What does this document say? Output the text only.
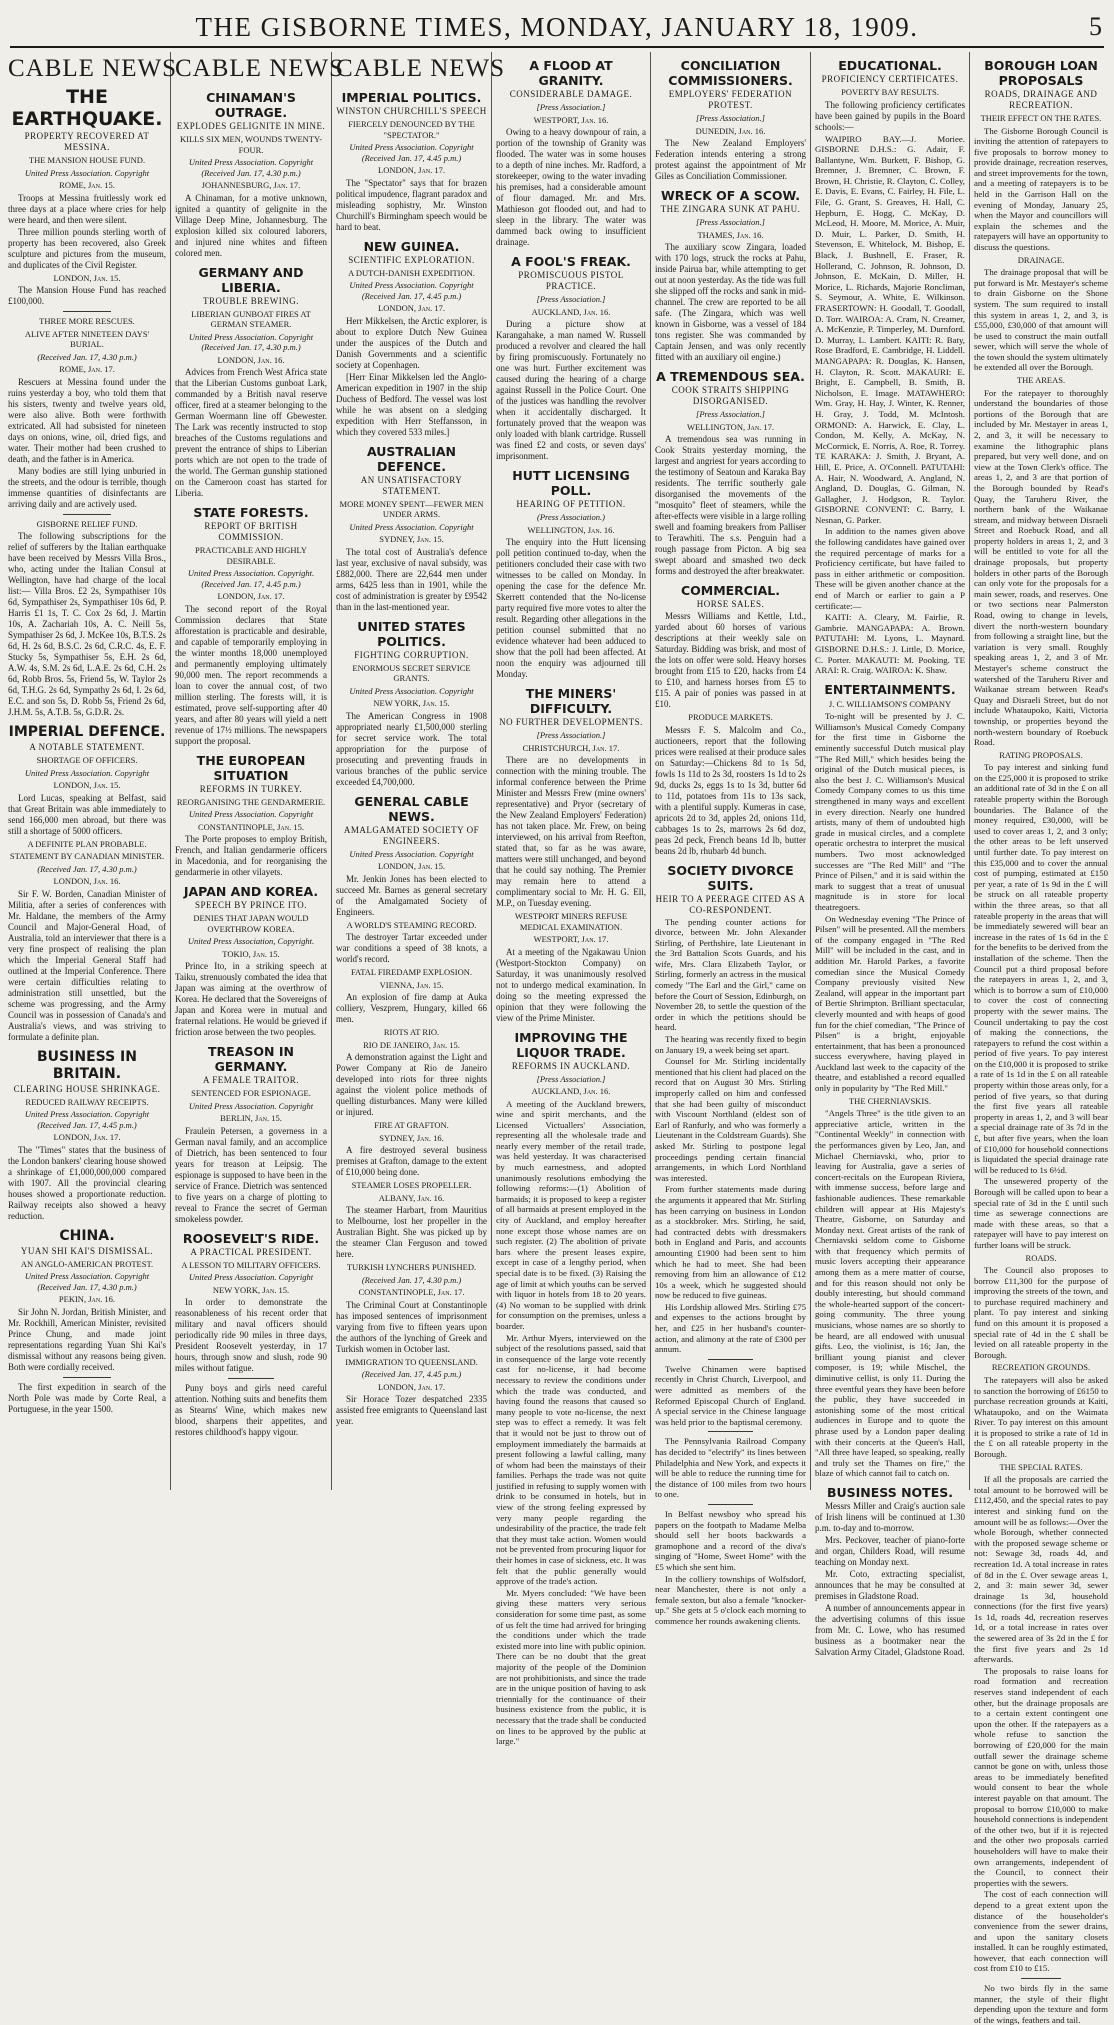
THE GISBORNE TIMES, MONDAY, JANUARY 18, 1909.	5
CABLE NEWS
THE EARTHQUAKE.
PROPERTY RECOVERED AT MESSINA.
THE MANSION HOUSE FUND.
United Press Association. Copyright
ROME, Jan. 15.

Troops at Messina fruitlessly work ed three days at a place where cries for help were heard, and then were silent.

Three million pounds sterling worth of property has been recovered, also Greek sculpture and pictures from the museum, and duplicates of the Civil Register.

LONDON, Jan. 15.

The Mansion House Fund has reached £100,000.

THREE MORE RESCUES.
ALIVE AFTER NINETEEN DAYS' BURIAL.
(Received Jan. 17, 4.30 p.m.)
ROME, Jan. 17.

Rescuers at Messina found under the ruins yesterday a boy, who told them that his sisters, twenty and twelve years old, were also alive. Both were forthwith extricated. All had subsisted for nineteen days on onions, wine, oil, dried figs, and water. Their mother had been crushed to death, and the father is in America.

Many bodies are still lying unburied in the streets, and the odour is terrible, though immense quantities of disinfectants are arriving daily and are actively used.

GISBORNE RELIEF FUND.

The following subscriptions for the relief of sufferers by the Italian earthquake have been received by Messrs Villa Bros., who, acting under the Italian Consul at Wellington, have had charge of the local list:— Villa Bros. £2 2s, Sympathiser 10s 6d, Sympathiser 2s, Sympathiser 10s 6d, P. Harris £1 1s, T. C. Cox 2s 6d, J. Martin 10s, A. Zachariah 10s, A. C. Neill 5s, Sympathiser 2s 6d, J. McKee 10s, B.T.S. 2s 6d, H. 2s 6d, B.S.C. 2s 6d, C.R.C. 4s, E. F. Stucky 5s, Sympathiser 5s, E.H. 2s 6d, A.W. 4s, S.M. 2s 6d, L.A.E. 2s 6d, C.H. 2s 6d, Robb Bros. 5s, Friend 5s, W. Taylor 2s 6d, T.H.G. 2s 6d, Sympathy 2s 6d, I. 2s 6d, E.C. and son 5s, D. Robb 5s, Friend 2s 6d, J.H.M. 5s, A.T.B. 5s, G.D.R. 2s.

IMPERIAL DEFENCE.
A NOTABLE STATEMENT.
SHORTAGE OF OFFICERS.
United Press Association. Copyright
LONDON, Jan. 15.

Lord Lucas, speaking at Belfast, said that Great Britain was able immediately to send 166,000 men abroad, but there was still a shortage of 5000 officers.

A DEFINITE PLAN PROBABLE.
STATEMENT BY CANADIAN MINISTER.
(Received Jan. 17, 4.30 p.m.)
LONDON, Jan. 16.

Sir F. W. Borden, Canadian Minister of Militia, after a series of conferences with Mr. Haldane, the members of the Army Council and Major-General Hoad, of Australia, told an interviewer that there is a very fine prospect of realising the plan which the Imperial General Staff had outlined at the Imperial Conference. There were certain difficulties relating to administration still unsettled, but the scheme was progressing, and the Army Council was in possession of Canada's and Australia's views, and was striving to formulate a definite plan.

BUSINESS IN BRITAIN.
CLEARING HOUSE SHRINKAGE.
REDUCED RAILWAY RECEIPTS.
United Press Association. Copyright (Received Jan. 17, 4.45 p.m.)
LONDON, Jan. 17.

The "Times" states that the business of the London bankers' clearing house showed a shrinkage of £1,000,000,000 compared with 1907. All the provincial clearing houses showed a proportionate reduction. Railway receipts also showed a heavy reduction.

CHINA.
YUAN SHI KAI'S DISMISSAL.
AN ANGLO-AMERICAN PROTEST.
United Press Association. Copyright (Received Jan. 17, 4.30 p.m.)
PEKIN, Jan. 16.

Sir John N. Jordan, British Minister, and Mr. Rockhill, American Minister, revisited Prince Chung, and made joint representations regarding Yuan Shi Kai's dismissal without any reasons being given. Both were cordially received.

The first expedition in search of the North Pole was made by Corte Real, a Portuguese, in the year 1500.

CABLE NEWS
CHINAMAN'S OUTRAGE.
EXPLODES GELIGNITE IN MINE.
KILLS SIX MEN, WOUNDS TWENTY-FOUR.
United Press Association. Copyright (Received Jan. 17, 4.30 p.m.)
JOHANNESBURG, Jan. 17.

A Chinaman, for a motive unknown, ignited a quantity of gelignite in the Village Deep Mine, Johannesburg. The explosion killed six coloured laborers, and injured nine whites and fifteen colored men.

GERMANY AND LIBERIA.
TROUBLE BREWING.
LIBERIAN GUNBOAT FIRES AT GERMAN STEAMER.
United Press Association. Copyright (Received Jan. 17, 4.30 p.m.)
LONDON, Jan. 16.

Advices from French West Africa state that the Liberian Customs gunboat Lark, commanded by a British naval reserve officer, fired at a steamer belonging to the German Woermann line off Gbewester. The Lark was recently instructed to stop breaches of the Customs regulations and prevent the entrance of ships to Liberian ports which are not open to the trade of the world. The German gunship stationed on the Cameroon coast has started for Liberia.

STATE FORESTS.
REPORT OF BRITISH COMMISSION.
PRACTICABLE AND HIGHLY DESIRABLE.
United Press Association. Copyright. (Received Jan. 17, 4.45 p.m.)
LONDON, Jan. 17.

The second report of the Royal Commission declares that State afforestation is practicable and desirable, and capable of temporarily employing in the winter months 18,000 unemployed and permanently employing ultimately 90,000 men. The report recommends a loan to cover the annual cost, of two million sterling. The forests will, it is estimated, prove self-supporting after 40 years, and after 80 years will yield a nett revenue of 17½ millions. The newspapers support the proposal.

THE EUROPEAN SITUATION
REFORMS IN TURKEY.
REORGANISING THE GENDARMERIE.
United Press Association. Copyright
CONSTANTINOPLE, Jan. 15.

The Porte proposes to employ British, French, and Italian gendarmerie officers in Macedonia, and for reorganising the gendarmerie in other vilayets.

JAPAN AND KOREA.
SPEECH BY PRINCE ITO.
DENIES THAT JAPAN WOULD OVERTHROW KOREA.
United Press Association, Copyright.
TOKIO, Jan. 15.

Prince Ito, in a striking speech at Taiku, strenuously combated the idea that Japan was aiming at the overthrow of Korea. He declared that the Sovereigns of Japan and Korea were in mutual and fraternal relations. He would be grieved if friction arose between the two peoples.

TREASON IN GERMANY.
A FEMALE TRAITOR.
SENTENCED FOR ESPIONAGE.
United Press Association. Copyright
BERLIN, Jan. 15.

Fraulein Petersen, a governess in a German naval family, and an accomplice of Dietrich, has been sentenced to four years for treason at Leipsig. The espionage is supposed to have been in the service of France. Dietrich was sentenced to five years on a charge of plotting to reveal to France the secret of German smokeless powder.

ROOSEVELT'S RIDE.
A PRACTICAL PRESIDENT.
A LESSON TO MILITARY OFFICERS.
United Press Association. Copyright
NEW YORK, Jan. 15.

In order to demonstrate the reasonableness of his recent order that military and naval officers should periodically ride 90 miles in three days, President Roosevelt yesterday, in 17 hours, through snow and slush, rode 90 miles without fatigue.

Puny boys and girls need careful attention. Nothing suits and benefits them as Stearns' Wine, which makes new blood, sharpens their appetites, and restores childhood's happy vigour.

CABLE NEWS
IMPERIAL POLITICS.
WINSTON CHURCHILL'S SPEECH
FIERCELY DENOUNCED BY THE "SPECTATOR."
United Press Association. Copyright (Received Jan. 17, 4.45 p.m.)
LONDON, Jan. 17.

The "Spectator" says that for brazen political impudence, flagrant paradox and misleading sophistry, Mr. Winston Churchill's Birmingham speech would be hard to beat.

NEW GUINEA.
SCIENTIFIC EXPLORATION.
A DUTCH-DANISH EXPEDITION.
United Press Association. Copyright (Received Jan. 17, 4.45 p.m.)
LONDON, Jan. 17.

Herr Mikkelsen, the Arctic explorer, is about to explore Dutch New Guinea under the auspices of the Dutch and Danish Governments and a scientific society at Copenhagen.

[Herr Einar Mikkelsen led the Anglo-American expedition in 1907 in the ship Duchess of Bedford. The vessel was lost while he was absent on a sledging expedition with Herr Steffansson, in which they covered 533 miles.]

AUSTRALIAN DEFENCE.
AN UNSATISFACTORY STATEMENT.
MORE MONEY SPENT—FEWER MEN UNDER ARMS.
United Press Association. Copyright
SYDNEY, Jan. 15.

The total cost of Australia's defence last year, exclusive of naval subsidy, was £882,000. There are 22,644 men under arms, 6425 less than in 1901, while the cost of administration is greater by £9542 than in the last-mentioned year.

UNITED STATES POLITICS.
FIGHTING CORRUPTION.
ENORMOUS SECRET SERVICE GRANTS.
United Press Association. Copyright
NEW YORK, Jan. 15.

The American Congress in 1908 appropriated nearly £1,500,000 sterling for secret service work. The total appropriation for the purpose of prosecuting and preventing frauds in various branches of the public service exceeded £4,700,000.

GENERAL CABLE NEWS.
AMALGAMATED SOCIETY OF ENGINEERS.
United Press Association. Copyright
LONDON, Jan. 15.

Mr. Jenkin Jones has been elected to succeed Mr. Barnes as general secretary of the Amalgamated Society of Engineers.

A WORLD'S STEAMING RECORD.

The destroyer Tartar exceeded under war conditions a speed of 38 knots, a world's record.

FATAL FIREDAMP EXPLOSION.
VIENNA, Jan. 15.

An explosion of fire damp at Auka colliery, Veszprem, Hungary, killed 66 men.

RIOTS AT RIO.
RIO DE JANEIRO, Jan. 15.

A demonstration against the Light and Power Company at Rio de Janeiro developed into riots for three nights against the violent police methods of quelling disturbances. Many were killed or injured.

FIRE AT GRAFTON.
SYDNEY, Jan. 16.

A fire destroyed several business premises at Grafton, damage to the extent of £10,000 being done.

STEAMER LOSES PROPELLER.
ALBANY, Jan. 16.

The steamer Harbart, from Mauritius to Melbourne, lost her propeller in the Australian Bight. She was picked up by the steamer Clan Ferguson and towed here.

TURKISH LYNCHERS PUNISHED.
(Received Jan. 17, 4.30 p.m.)
CONSTANTINOPLE, Jan. 17.

The Criminal Court at Constantinople has imposed sentences of imprisonment varying from five to fifteen years upon the authors of the lynching of Greek and Turkish women in October last.

IMMIGRATION TO QUEENSLAND.
(Received Jan. 17, 4.45 p.m.)
LONDON, Jan. 17.

Sir Horace Tozer despatched 2335 assisted free emigrants to Queensland last year.

A FLOOD AT GRANITY.
CONSIDERABLE DAMAGE.
[Press Association.]
WESTPORT, Jan. 16.

Owing to a heavy downpour of rain, a portion of the township of Granity was flooded. The water was in some houses to a depth of nine inches. Mr. Radford, a storekeeper, owing to the water invading his premises, had a considerable amount of flour damaged. Mr. and Mrs. Mathieson got flooded out, and had to sleep in the library. The water was dammed back owing to insufficient drainage.

A FOOL'S FREAK.
PROMISCUOUS PISTOL PRACTICE.
[Press Association.]
AUCKLAND, Jan. 16.

During a picture show at Karangahake, a man named W. Russell produced a revolver and cleared the hall by firing promiscuously. Fortunately no one was hurt. Further excitement was caused during the hearing of a charge against Russell in the Police Court. One of the justices was handling the revolver when it accidentally discharged. It fortunately proved that the weapon was only loaded with blank cartridge. Russell was fined £2 and costs, or seven days' imprisonment.

HUTT LICENSING POLL.
HEARING OF PETITION.
(Press Association.)
WELLINGTON, Jan. 16.

The enquiry into the Hutt licensing poll petition continued to-day, when the petitioners concluded their case with two witnesses to be called on Monday. In opening the case for the defence Mr. Skerrett contended that the No-license party required five more votes to alter the result. Regarding other allegations in the petition counsel submitted that no evidence whatever had been adduced to show that the poll had been affected. At noon the enquiry was adjourned till Monday.

THE MINERS' DIFFICULTY.
NO FURTHER DEVELOPMENTS.
[Press Association.]
CHRISTCHURCH, Jan. 17.

There are no developments in connection with the mining trouble. The informal conference between the Prime Minister and Messrs Frew (mine owners' representative) and Pryor (secretary of the New Zealand Employers' Federation) has not taken place. Mr. Frew, on being interviewed, on his arrival from Reefton, stated that, so far as he was aware, matters were still unchanged, and beyond that he could say nothing. The Premier may remain here to attend a complimentary social to Mr. H. G. Ell, M.P., on Tuesday evening.

WESTPORT MINERS REFUSE MEDICAL EXAMINATION.
WESTPORT, Jan. 17.

At a meeting of the Ngakawau Union (Westport-Stockton Company) on Saturday, it was unanimously resolved not to undergo medical examination. In doing so the meeting expressed the opinion that they were following the view of the Prime Minister.

IMPROVING THE LIQUOR TRADE.
REFORMS IN AUCKLAND.
[Press Association.]
AUCKLAND, Jan. 16.

A meeting of the Auckland brewers, wine and spirit merchants, and the Licensed Victuallers' Association, representing all the wholesale trade and nearly every member of the retail trade, was held yesterday. It was characterised by much earnestness, and adopted unanimously resolutions embodying the following reforms:—(1) Abolition of barmaids; it is proposed to keep a register of all barmaids at present employed in the city of Auckland, and employ hereafter none except those whose names are on such register. (2) The abolition of private bars where the present leases expire, except in case of a lengthy period, when special date is to be fixed. (3) Raising the age of limit at which youths can be served with liquor in hotels from 18 to 20 years. (4) No woman to be supplied with drink for consumption on the premises, unless a boarder.

Mr. Arthur Myers, interviewed on the subject of the resolutions passed, said that in consequence of the large vote recently cast for no-license, it had become necessary to review the conditions under which the trade was conducted, and having found the reasons that caused so many people to vote no-license, the next step was to effect a remedy. It was felt that it would not be just to throw out of employment immediately the barmaids at present following a lawful calling, many of whom had been the mainstays of their families. Perhaps the trade was not quite justified in refusing to supply women with drink to be consumed in hotels, but in view of the strong feeling expressed by very many people regarding the undesirability of the practice, the trade felt that they must take action. Women would not be prevented from procuring liquor for their homes in case of sickness, etc. It was felt that the public generally would approve of the trade's action.

Mr. Myers concluded: "We have been giving these matters very serious consideration for some time past, as some of us felt the time had arrived for bringing the conditions under which the trade existed more into line with public opinion. There can be no doubt that the great majority of the people of the Dominion are not prohibitionists, and since the trade are in the unique position of having to ask triennially for the continuance of their business existence from the public, it is necessary that the trade shall be conducted on lines to be approved by the public at large."

CONCILIATION COMMISSIONERS.
EMPLOYERS' FEDERATION PROTEST.
[Press Association.]
DUNEDIN, Jan. 16.

The New Zealand Employers' Federation intends entering a strong protest against the appointment of Mr Giles as Conciliation Commissioner.

WRECK OF A SCOW.
THE ZINGARA SUNK AT PAHU.
[Press Association.]
THAMES, Jan. 16.

The auxiliary scow Zingara, loaded with 170 logs, struck the rocks at Pahu, inside Pairua bar, while attempting to get out at noon yesterday. As the tide was full she slipped off the rocks and sank in mid-channel. The crew are reported to be all safe. (The Zingara, which was well known in Gisborne, was a vessel of 184 tons register. She was commanded by Captain Jensen, and was only recently fitted with an auxiliary oil engine.)

A TREMENDOUS SEA.
COOK STRAITS SHIPPING DISORGANISED.
[Press Association.]
WELLINGTON, Jan. 17.

A tremendous sea was running in Cook Straits yesterday morning, the largest and angriest for years according to the testimony of Seatoun and Karaka Bay residents. The terrific southerly gale disorganised the movements of the "mosquito" fleet of steamers, while the after-effects were visible in a large rolling swell and foaming breakers from Palliser to Terawhiti. The s.s. Penguin had a rough passage from Picton. A big sea swept aboard and smashed two deck forms and destroyed the after breakwater.

COMMERCIAL.
HORSE SALES.

Messrs Williams and Kettle, Ltd., yarded about 60 horses of various descriptions at their weekly sale on Saturday. Bidding was brisk, and most of the lots on offer were sold. Heavy horses brought from £15 to £20, hacks from £4 to £10, and harness horses from £5 to £15. A pair of ponies was passed in at £10.

PRODUCE MARKETS.

Messrs F. S. Malcolm and Co., auctioneers, report that the following prices were realised at their produce sales on Saturday:—Chickens 8d to 1s 5d, fowls 1s 11d to 2s 3d, roosters 1s 1d to 2s 9d, ducks 2s, eggs 1s to 1s 3d, butter 6d to 11d, potatoes from 11s to 13s sack, with a plentiful supply. Kumeras in case, apricots 2d to 3d, apples 2d, onions 11d, cabbages 1s to 2s, marrows 2s 6d doz, peas 2d peck, French beans 1d lb, butter beans 2d lb, rhubarb 4d bunch.

SOCIETY DIVORCE SUITS.
HEIR TO A PEERAGE CITED AS A CO-RESPONDENT.

The pending counter actions for divorce, between Mr. John Alexander Stirling, of Perthshire, late Lieutenant in the 3rd Battalion Scots Guards, and his wife, Mrs. Clara Elizabeth Taylor, or Stirling, formerly an actress in the musical comedy "The Earl and the Girl," came on before the Court of Session, Edinburgh, on November 28, to settle the question of the order in which the petitions should be heard.

The hearing was recently fixed to begin on January 19, a week being set apart.

Counsel for Mr. Stirling incidentally mentioned that his client had placed on the record that on August 30 Mrs. Stirling improperly called on him and confessed that she had been guilty of misconduct with Viscount Northland (eldest son of Earl of Ranfurly, and who was formerly a Lieutenant in the Coldstream Guards). She asked Mr. Stirling to postpone legal proceedings pending certain financial arrangements, in which Lord Northland was interested.

From further statements made during the arguments it appeared that Mr. Stirling has been carrying on business in London as a stockbroker. Mrs. Stirling, he said, had contracted debts with dressmakers both in England and Paris, and accounts amounting £1900 had been sent to him which he had to meet. She had been removing from him an allowance of £12 10s a week, which he suggested should now be reduced to five guineas.

His Lordship allowed Mrs. Stirling £75 and expenses to the actions brought by her, and £25 in her husband's counter-action, and alimony at the rate of £300 per annum.

Twelve Chinamen were baptised recently in Christ Church, Liverpool, and were admitted as members of the Reformed Episcopal Church of England. A special service in the Chinese language was held prior to the baptismal ceremony.

The Pennsylvania Railroad Company has decided to "electrify" its lines between Philadelphia and New York, and expects it will be able to reduce the running time for the distance of 100 miles from two hours to one.

In Belfast newsboy who spread his papers on the footpath to Madame Melba should sell her boots backwards a gramophone and a record of the diva's singing of "Home, Sweet Home" with the £5 which she sent him.

In the colliery townships of Wolfsdorf, near Manchester, there is not only a female sexton, but also a female "knocker-up." She gets at 5 o'clock each morning to commence her rounds awakening clients.

EDUCATIONAL.
PROFICIENCY CERTIFICATES.
POVERTY BAY RESULTS.

The following proficiency certificates have been gained by pupils in the Board schools:—

WAIPIRO BAY.—J. Moriee. GISBORNE D.H.S.: G. Adair, F. Ballantyne, Wm. Burkett, F. Bishop, G. Bremner, J. Bremner, C. Brown, F. Brown, H. Christie, R. Clayton, C. Colley, E. Davis, E. Evans, C. Fairley, H. File, L. File, G. Grant, S. Greaves, H. Hall, C. Hepburn, E. Hogg, C. McKay, D. McLeod, H. Moore, M. Morice, A. Muir, D. Muir, L. Parker, D. Smith, H. Stevenson, E. Whitelock, M. Bishop, E. Black, J. Bushnell, E. Fraser, R. Hollerand, C. Johnson, R. Johnson, D. Johnson, E. McKain, D. Miller, H. Morice, L. Richards, Majorie Roncliman, S. Seymour, A. White, E. Wilkinson. FRASERTOWN: H. Goodall, T. Goodall, D. Torr. WAIROA: A. Cram, N. Creamer, A. McKenzie, P. Timperley, M. Durnford. D. Murray, L. Lambert. KAITI: R. Baty, Rose Bradford, E. Cambridge, H. Liddell. MANGAPAPA: R. Douglas, K. Hansen, H. Clayton, R. Scott. MAKAURI: E. Bright, E. Campbell, B. Smith, B. Nicholson, E. Image. MATAWHERO: Wm. Gray, H. Hay, J. Winter, K. Renner, H. Gray, J. Todd, M. McIntosh. ORMOND: A. Harwick, E. Clay, L. Condon, M. Kelly, A. McKay, N. McCormick, E. Norris, A. Roe, R. Torrey. TE KARAKA: J. Smith, J. Bryant, A. Hill, E. Price, A. O'Connell. PATUTAHI: A. Hair, N. Woodward, A. Angland, N. Angland, D. Douglas, G. Gilman, N. Gallagher, J. Hodgson, R. Taylor. GISBORNE CONVENT: C. Barry, I. Nesnan, G. Parker.

In addition to the names given above the following candidates have gained over the required percentage of marks for a Proficiency certificate, but have failed to pass in either arithmetic or composition. These will be given another chance at the end of March or earlier to gain a P certificate:—

KAITI: A. Cleary, M. Fairlie, R. Gambrie. MANGAPAPA: A. Brown. PATUTAHI: M. Lyons, L. Maynard. GISBORNE D.H.S.: J. Little, D. Morice, C. Porter. MAKAUTI: M. Pooking. TE ARAI: R. Craig. WAIROA: K. Shaw.

ENTERTAINMENTS.
J. C. WILLIAMSON'S COMPANY

To-night will be presented by J. C. Williamson's Musical Comedy Company for the first time in Gisborne the eminently successful Dutch musical play "The Red Mill," which besides being the original of the Dutch musical pieces, is also the best J. C. Williamson's Musical Comedy Company comes to us this time strengthened in many ways and excellent in every direction. Nearly one hundred artists, many of them of undoubted high grade in musical circles, and a complete operatic orchestra to interpret the musical numbers. Two most acknowledged successes are "The Red Mill" and "The Prince of Pilsen," and it is said within the mark to suggest that a treat of unusual magnitude is in store for local theatregoers.

On Wednesday evening "The Prince of Pilsen" will be presented. All the members of the company engaged in "The Red Mill" will be included in the cast, and in addition Mr. Harold Parkes, a favorite comedian since the Musical Comedy Company previously visited New Zealand, will appear in the important part of Bertie Shrimpton. Brilliant spectacular, cleverly mounted and with heaps of good fun for the chief comedian, "The Prince of Pilsen" is a bright, enjoyable entertainment, that has been a pronounced success everywhere, having played in Auckland last week to the capacity of the theatre, and established a record equalled only in popularity by "The Red Mill."

THE CHERNIAVSKIS.

"Angels Three" is the title given to an appreciative article, written in the "Continental Weekly" in connection with the performances given by Leo, Jan, and Michael Cherniavski, who, prior to leaving for Australia, gave a series of concert-recitals on the European Riviera, with immense success, before large and fashionable audiences. These remarkable children will appear at His Majesty's Theatre, Gisborne, on Saturday and Monday next. Great artists of the rank of Cherniavski seldom come to Gisborne with that frequency which permits of music lovers accepting their appearance among them as a mere matter of course, and for this reason should not only be doubly interesting, but should command the whole-hearted support of the concert-going community. The three young musicians, whose names are so shortly to be heard, are all endowed with unusual gifts. Leo, the violinist, is 16; Jan, the brilliant young pianist and clever composer, is 19; while Mischel, the diminutive cellist, is only 11. During the three eventful years they have been before the public, they have succeeded in astonishing some of the most critical audiences in Europe and to quote the phrase used by a London paper dealing with their concerts at the Queen's Hall, "All three have leaped, so speaking, really and truly set the Thames on fire," the blaze of which cannot fail to catch on.

BUSINESS NOTES.

Messrs Miller and Craig's auction sale of Irish linens will be continued at 1.30 p.m. to-day and to-morrow.

Mrs. Peckover, teacher of piano-forte and organ, Childers Road, will resume teaching on Monday next.

Mr. Coto, extracting specialist, announces that he may be consulted at premises in Gladstone Road.

A number of announcements appear in the advertising columns of this issue from Mr. C. Lowe, who has resumed business as a bootmaker near the Salvation Army Citadel, Gladstone Road.

BOROUGH LOAN PROPOSALS
ROADS, DRAINAGE AND RECREATION.
THEIR EFFECT ON THE RATES.

The Gisborne Borough Council is inviting the attention of ratepayers to five proposals to borrow money to provide drainage, recreation reserves, and street improvements for the town, and a meeting of ratepayers is to be held in the Garrison Hall on the evening of Monday, January 25, when the Mayor and councillors will explain the schemes and the ratepayers will have an opportunity to discuss the questions.

DRAINAGE.

The drainage proposal that will be put forward is Mr. Mestayer's scheme to drain Gisborne on the Shone system. The sum required to install this system in areas 1, 2, and 3, is £55,000, £30,000 of that amount will be used to construct the main outfall sewer, which will serve the whole of the town should the system ultimately be extended all over the Borough.

THE AREAS.

For the ratepayer to thoroughly understand the boundaries of those portions of the Borough that are included by Mr. Mestayer in areas 1, 2, and 3, it will be necessary to examine the lithographic plans prepared, but very well done, and on view at the Town Clerk's office. The areas 1, 2, and 3 are that portion of the Borough bounded by Read's Quay, the Taruheru River, the northern bank of the Waikanae stream, and midway between Disraeli Street and Roebuck Road, and all property holders in areas 1, 2, and 3 will be entitled to vote for all the drainage proposals, but property holders in other parts of the Borough can only vote for the proposals for a main sewer, roads, and reserves. One or two sections near Palmerston Road, owing to change in levels, divert the north-western boundary from following a straight line, but the variation is very small. Roughly speaking areas 1, 2, and 3 of Mr. Mestayer's scheme construct the watershed of the Taruheru River and Waikanae stream between Read's Quay and Disraeli Street, but do not include Whataupoko, Kaiti, Victoria township, or properties beyond the north-western boundary of Roebuck Road.

RATING PROPOSALS.

To pay interest and sinking fund on the £25,000 it is proposed to strike an additional rate of 3d in the £ on all rateable property within the Borough boundaries. The Balance of the money required, £30,000, will be used to cover areas 1, 2, and 3 only; the other areas to be left unserved until further date. To pay interest on this £35,000 and to cover the annual cost of pumping, estimated at £150 per year, a rate of 1s 9d in the £ will be struck on all rateable property within the three areas, so that all rateable property in the areas that will be immediately sewered will bear an increase in the rates of 1s 6d in the £ for the benefits to be derived from the installation of the scheme. Then the Council put a third proposal before the ratepayers in areas 1, 2, and 3, which is to borrow a sum of £10,000 to cover the cost of connecting property with the sewer mains. The Council undertaking to pay the cost of making the connections, the ratepayers to refund the cost within a period of five years. To pay interest on the £10,000 it is proposed to strike a rate of 1s 1d in the £ on all rateable property within those areas only, for a period of five years, so that during the first five years all rateable property in areas 1, 2, and 3 will bear a special drainage rate of 3s 7d in the £, but after five years, when the loan of £10,000 for household connections is liquidated the special drainage rate will be reduced to 1s 6½d.

The unsewered property of the Borough will be called upon to bear a special rate of 3d in the £ until such time as sewerage connections are made with these areas, so that a ratepayer will have to pay interest on further loans will be struck.

ROADS.

The Council also proposes to borrow £11,300 for the purpose of improving the streets of the town, and to purchase required machinery and plant. To pay interest and sinking fund on this amount it is proposed a special rate of 4d in the £ shall be levied on all rateable property in the Borough.

RECREATION GROUNDS.

The ratepayers will also be asked to sanction the borrowing of £6150 to purchase recreation grounds at Kaiti, Whataupoko, and on the Waimata River. To pay interest on this amount it is proposed to strike a rate of 1d in the £ on all rateable property in the Borough.

THE SPECIAL RATES.

If all the proposals are carried the total amount to be borrowed will be £112,450, and the special rates to pay interest and sinking fund on the amount will be as follows:—Over the whole Borough, whether connected with the proposed sewage scheme or not: Sewage 3d, roads 4d, and recreation 1d. A total increase in rates of 8d in the £. Over sewage areas 1, 2, and 3: main sewer 3d, sewer drainage 1s 3d, household connections (for the first five years) 1s 1d, roads 4d, recreation reserves 1d, or a total increase in rates over the sewered area of 3s 2d in the £ for the first five years and 2s 1d afterwards.

The proposals to raise loans for road formation and recreation reserves stand independent of each other, but the drainage proposals are to a certain extent contingent one upon the other. If the ratepayers as a whole refuse to sanction the borrowing of £20,000 for the main outfall sewer the drainage scheme cannot be gone on with, unless those areas to be immediately benefited would consent to bear the whole interest payable on that amount. The proposal to borrow £10,000 to make household connections is independent of the other two, but if it is rejected and the other two proposals carried householders will have to make their own arrangements, independent of the Council, to connect their properties with the sewers.

The cost of each connection will depend to a great extent upon the distance of the householder's convenience from the sewer drains, and upon the sanitary closets installed. It can be roughly estimated, however, that each connection will cost from £10 to £15.

No two birds fly in the same manner, the style of their flight depending upon the texture and form of the wings, feathers and tail.
